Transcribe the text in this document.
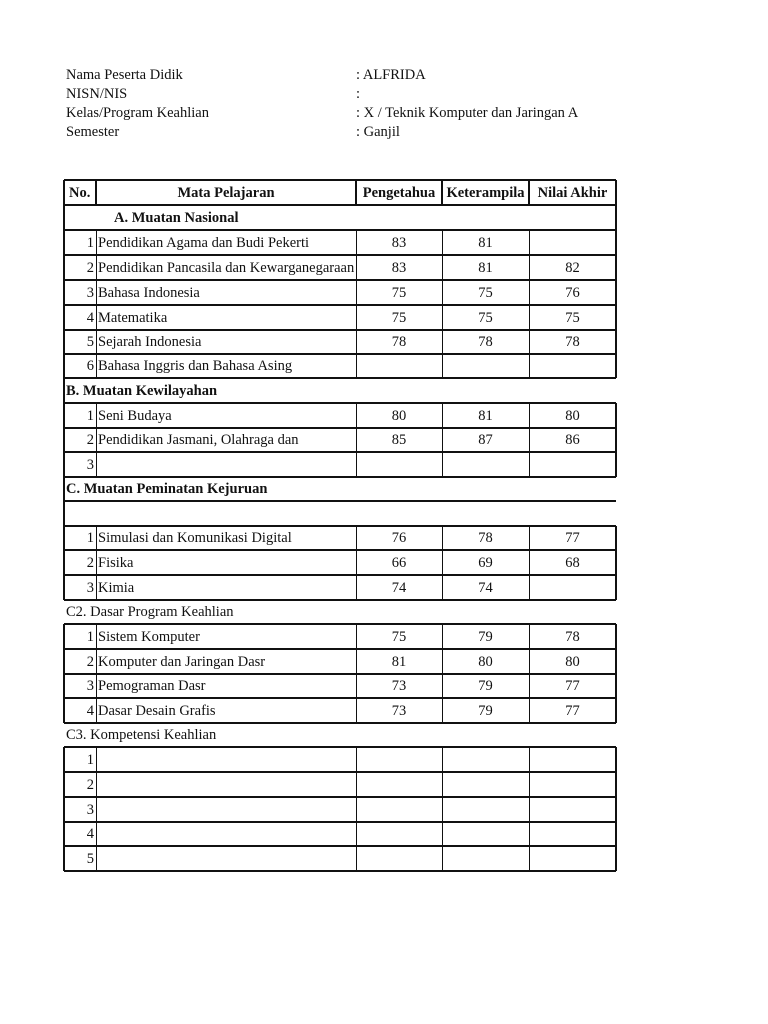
Nama Peserta Didik	: ALFRIDA
NISN/NIS	:
Kelas/Program Keahlian	: X / Teknik Komputer dan Jaringan A
Semester	: Ganjil
No.	Mata Pelajaran	Pengetahua Keterampila Nilai Akhir
A. Muatan Nasional
1 Pendidikan Agama dan Budi Pekerti	83	81
2 Pendidikan Pancasila dan Kewarganegaraan	83	81	82
3 Bahasa Indonesia	75	75	76
4 Matematika	75	75	75
5 Sejarah Indonesia	78	78	78
6 Bahasa Inggris dan Bahasa Asing
B. Muatan Kewilayahan
1 Seni Budaya	80	81	80
2 Pendidikan Jasmani, Olahraga dan	85	87	86
3
C. Muatan Peminatan Kejuruan
1 Simulasi dan Komunikasi Digital	76	78	77
2 Fisika	66	69	68
3 Kimia	74	74
C2. Dasar Program Keahlian
1 Sistem Komputer	75	79	78
2 Komputer dan Jaringan Dasr	81	80	80
3 Pemograman Dasr	73	79	77
4 Dasar Desain Grafis	73	79	77
C3. Kompetensi Keahlian
1
2
3
4
5
